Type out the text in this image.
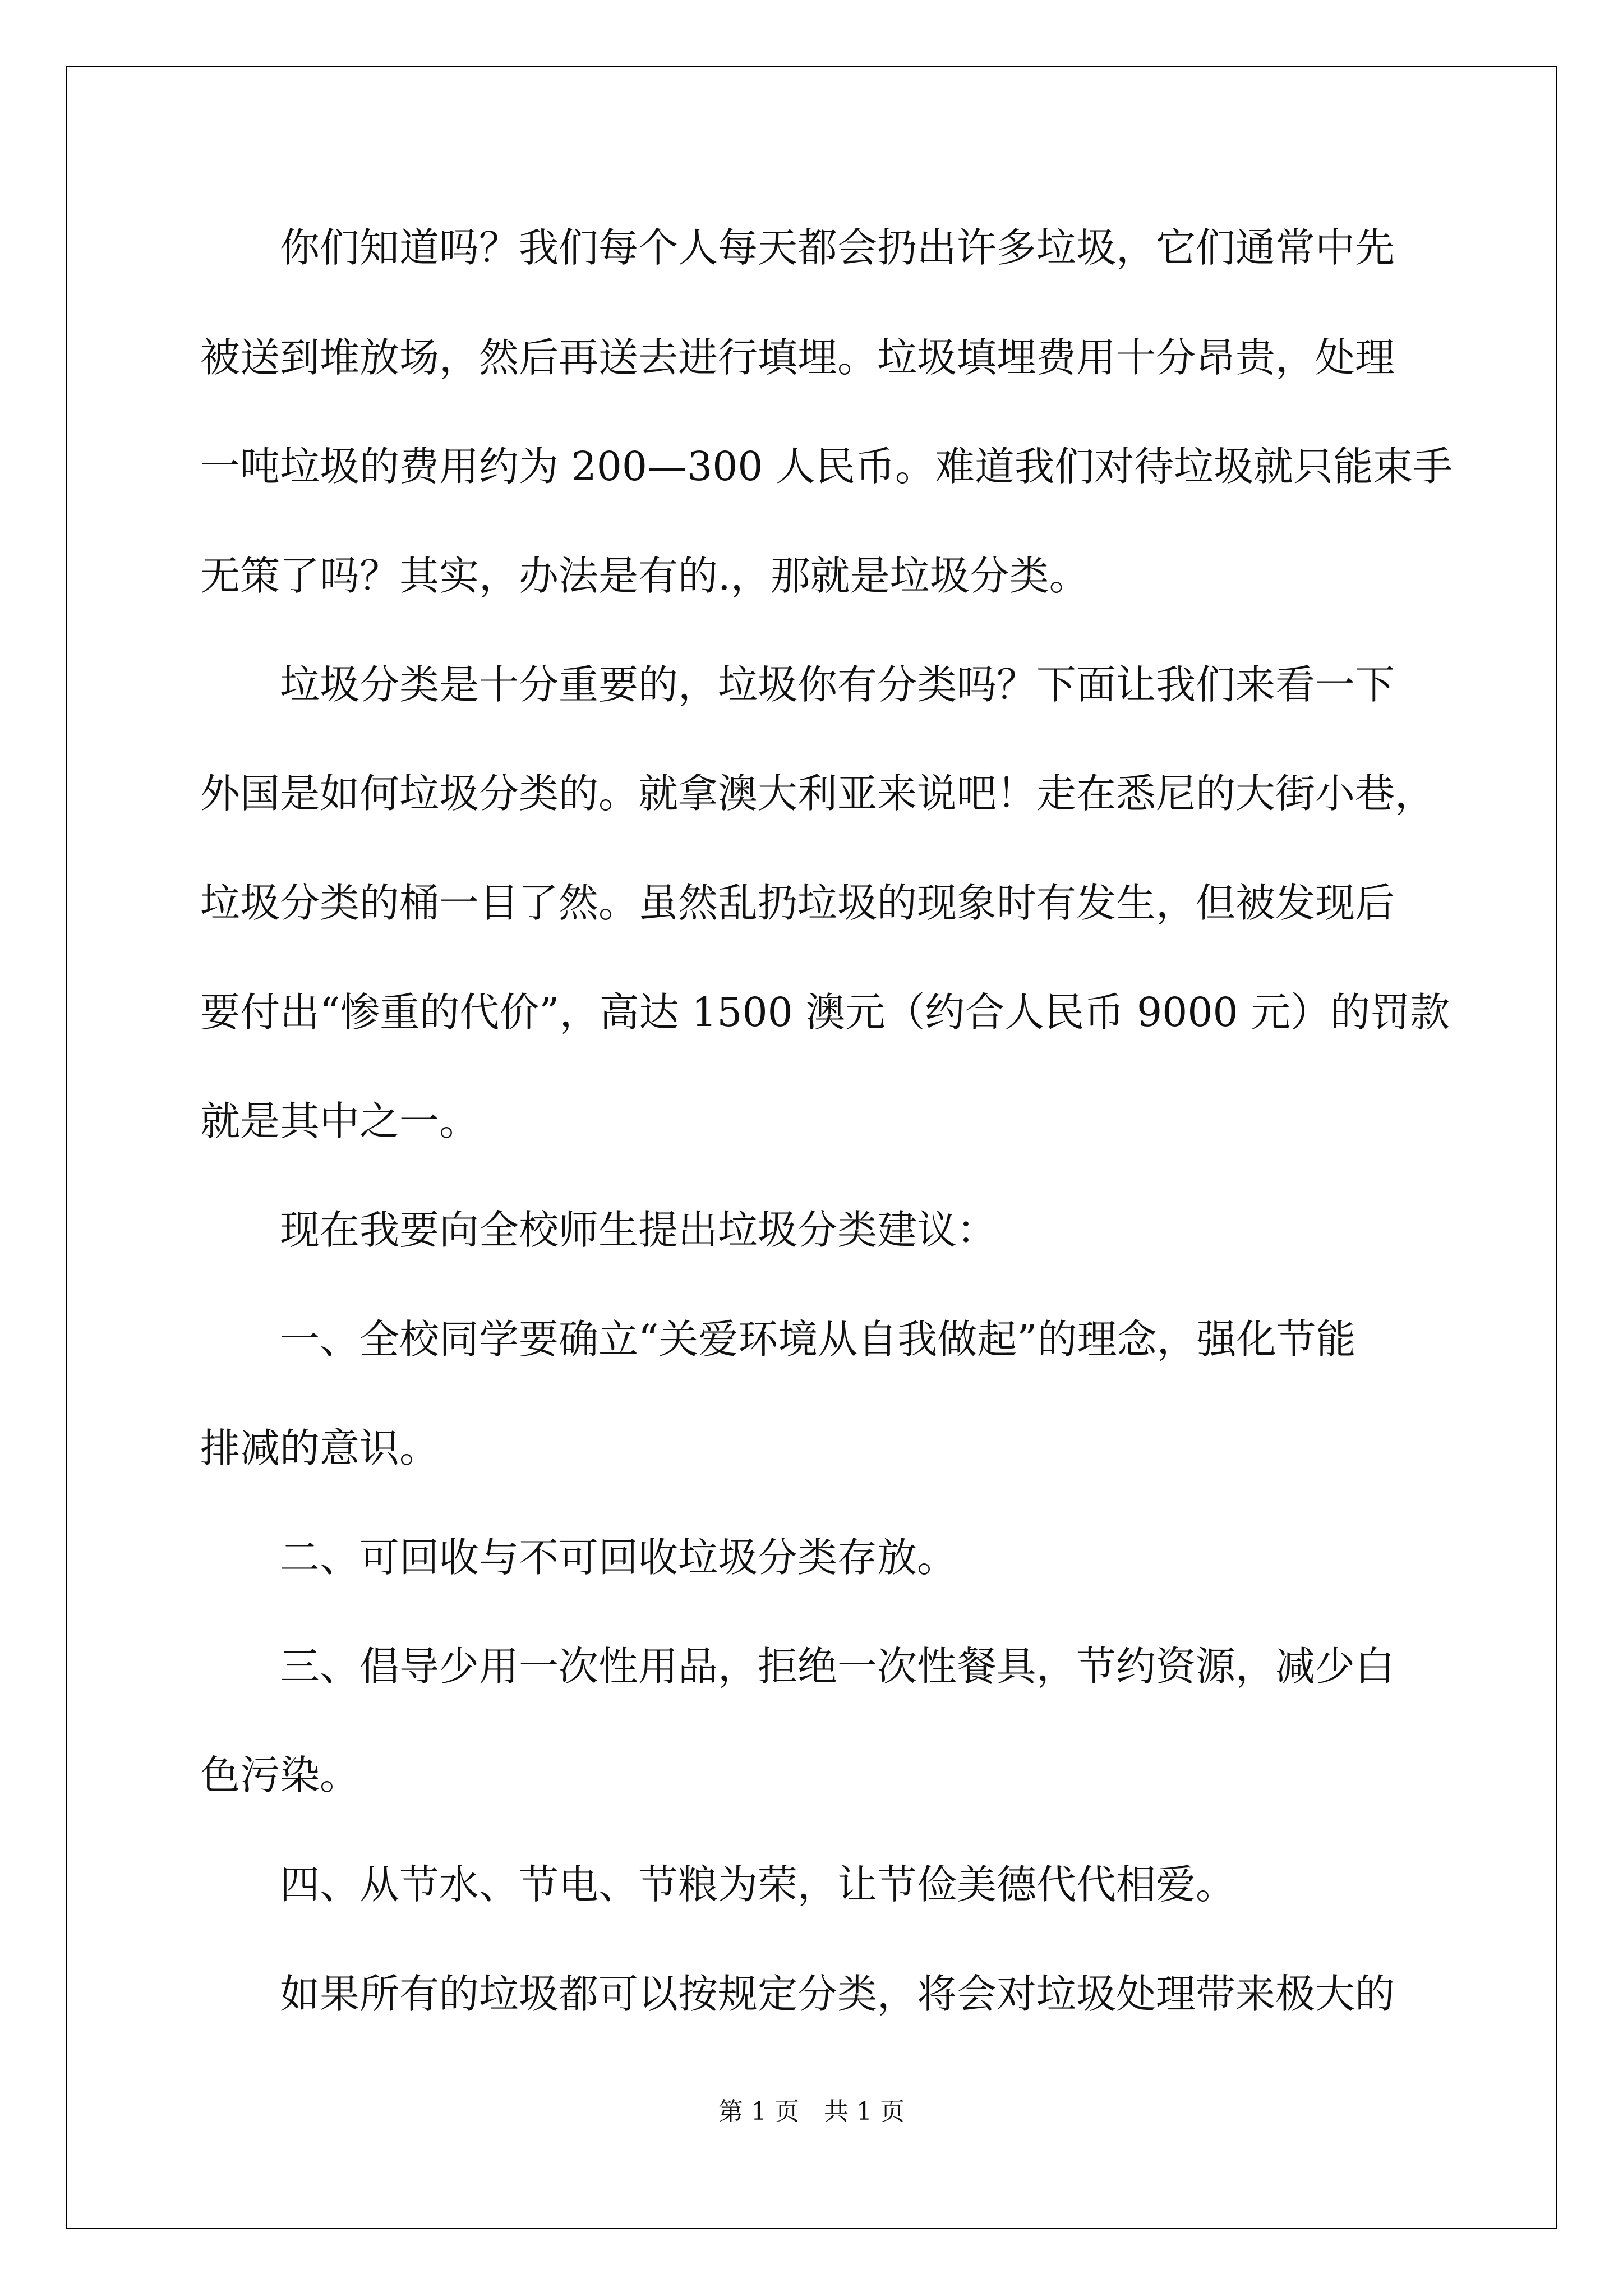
　　你们知道吗？我们每个人每天都会扔出许多垃圾，它们通常中先

被送到堆放场，然后再送去进行填埋。垃圾填埋费用十分昂贵，处理

一吨垃圾的费用约为 200—300 人民币。难道我们对待垃圾就只能束手

无策了吗？其实，办法是有的.，那就是垃圾分类。

　　垃圾分类是十分重要的，垃圾你有分类吗？下面让我们来看一下

外国是如何垃圾分类的。就拿澳大利亚来说吧！走在悉尼的大街小巷，

垃圾分类的桶一目了然。虽然乱扔垃圾的现象时有发生，但被发现后

要付出“惨重的代价”，高达 1500 澳元（约合人民币 9000 元）的罚款

就是其中之一。

　　现在我要向全校师生提出垃圾分类建议：

　　一、全校同学要确立“关爱环境从自我做起”的理念，强化节能

排减的意识。

　　二、可回收与不可回收垃圾分类存放。

　　三、倡导少用一次性用品，拒绝一次性餐具，节约资源，减少白

色污染。

　　四、从节水、节电、节粮为荣，让节俭美德代代相爱。

　　如果所有的垃圾都可以按规定分类，将会对垃圾处理带来极大的

第 1 页　共 1 页
